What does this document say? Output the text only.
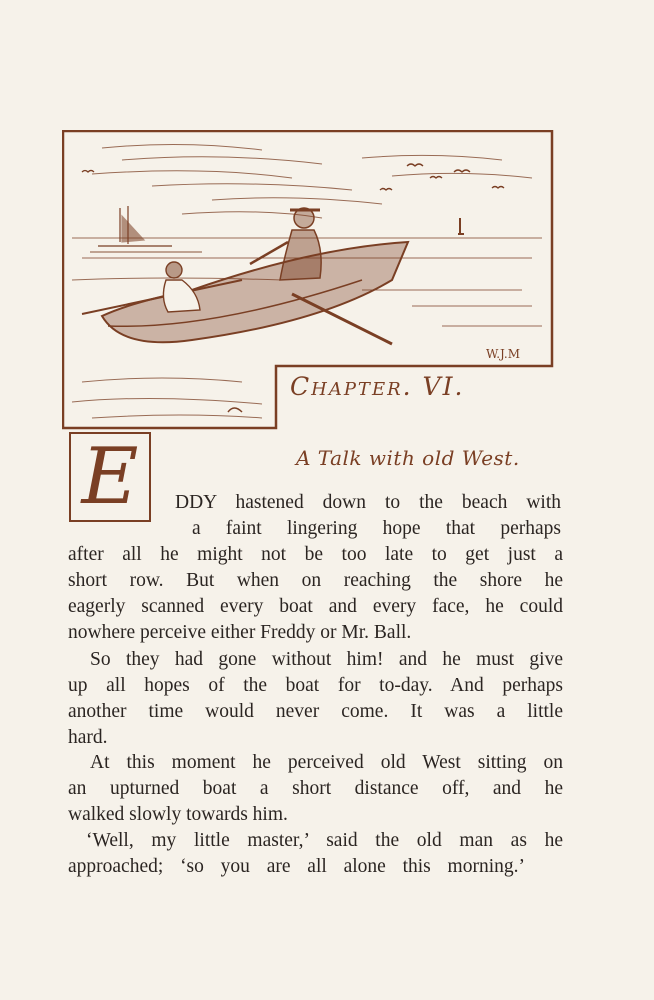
W.J.M
Chapter. VI.
A Talk with old West.
E	DDY hastened down to the beach with
a faint lingering hope that perhaps
after all he might not be too late to get just a
short row. But when on reaching the shore he
eagerly scanned every boat and every face, he could
nowhere perceive either Freddy or Mr. Ball.
So they had gone without him! and he must give
up all hopes of the boat for to-day. And perhaps
another time would never come. It was a little
hard.
At this moment he perceived old West sitting on
an upturned boat a short distance off, and he
walked slowly towards him.
‘Well, my little master,’ said the old man as he
approached; ‘so you are all alone this morning.’
